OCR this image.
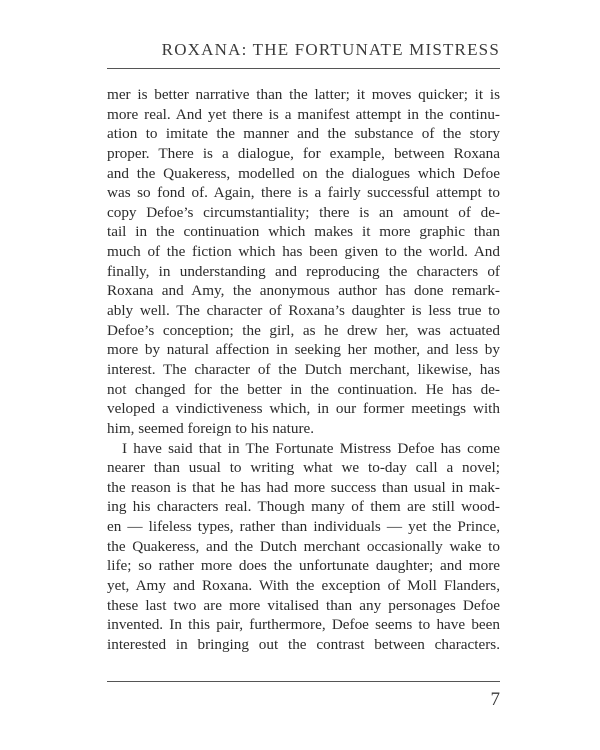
ROXANA: THE FORTUNATE MISTRESS
mer is better narrative than the latter; it moves quicker; it is
more real. And yet there is a manifest attempt in the continu-
ation to imitate the manner and the substance of the story
proper. There is a dialogue, for example, between Roxana
and the Quakeress, modelled on the dialogues which Defoe
was so fond of. Again, there is a fairly successful attempt to
copy Defoe’s circumstantiality; there is an amount of de-
tail in the continuation which makes it more graphic than
much of the fiction which has been given to the world. And
finally, in understanding and reproducing the characters of
Roxana and Amy, the anonymous author has done remark-
ably well. The character of Roxana’s daughter is less true to
Defoe’s conception; the girl, as he drew her, was actuated
more by natural affection in seeking her mother, and less by
interest. The character of the Dutch merchant, likewise, has
not changed for the better in the continuation. He has de-
veloped a vindictiveness which, in our former meetings with
him, seemed foreign to his nature.
I have said that in The Fortunate Mistress Defoe has come
nearer than usual to writing what we to-day call a novel;
the reason is that he has had more success than usual in mak-
ing his characters real. Though many of them are still wood-
en — lifeless types, rather than individuals — yet the Prince,
the Quakeress, and the Dutch merchant occasionally wake to
life; so rather more does the unfortunate daughter; and more
yet, Amy and Roxana. With the exception of Moll Flanders,
these last two are more vitalised than any personages Defoe
invented. In this pair, furthermore, Defoe seems to have been
interested in bringing out the contrast between characters.
7
